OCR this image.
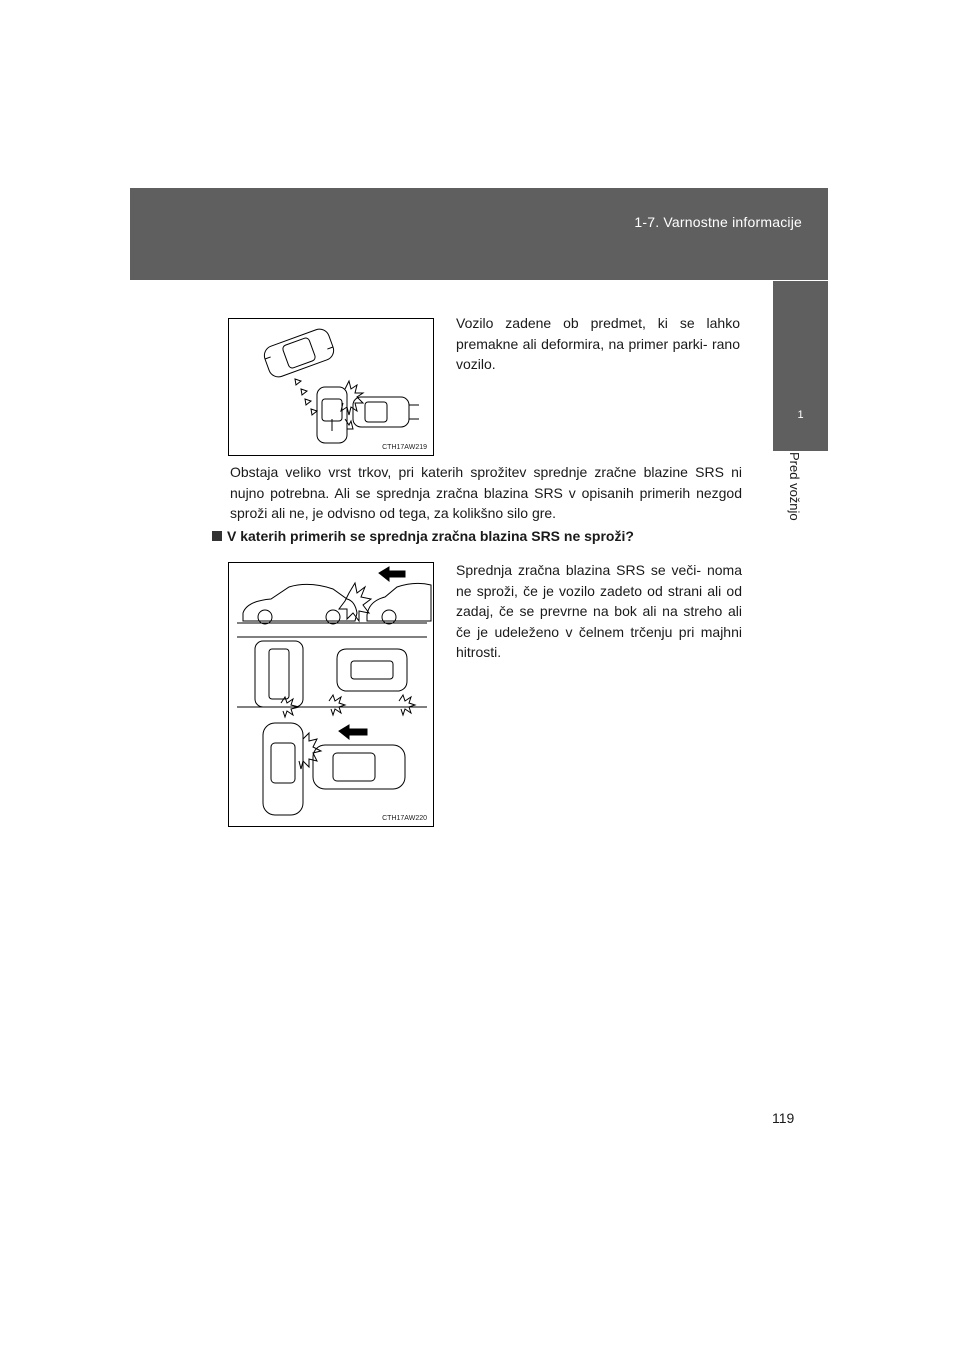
1-7. Varnostne informacije
1
Pred vožnjo
CTH17AW219
Vozilo zadene ob predmet, ki se lahko premakne ali deformira, na primer parki- rano vozilo.
Obstaja veliko vrst trkov, pri katerih sprožitev sprednje zračne blazine SRS ni nujno potrebna. Ali se sprednja zračna blazina SRS v opisanih primerih nezgod sproži ali ne, je odvisno od tega, za kolikšno silo gre.
V katerih primerih se sprednja zračna blazina SRS ne sproži?
CTH17AW220
Sprednja zračna blazina SRS se veči- noma ne sproži, če je vozilo zadeto od strani ali od zadaj, če se prevrne na bok ali na streho ali če je udeleženo v čelnem trčenju pri majhni hitrosti.
119
